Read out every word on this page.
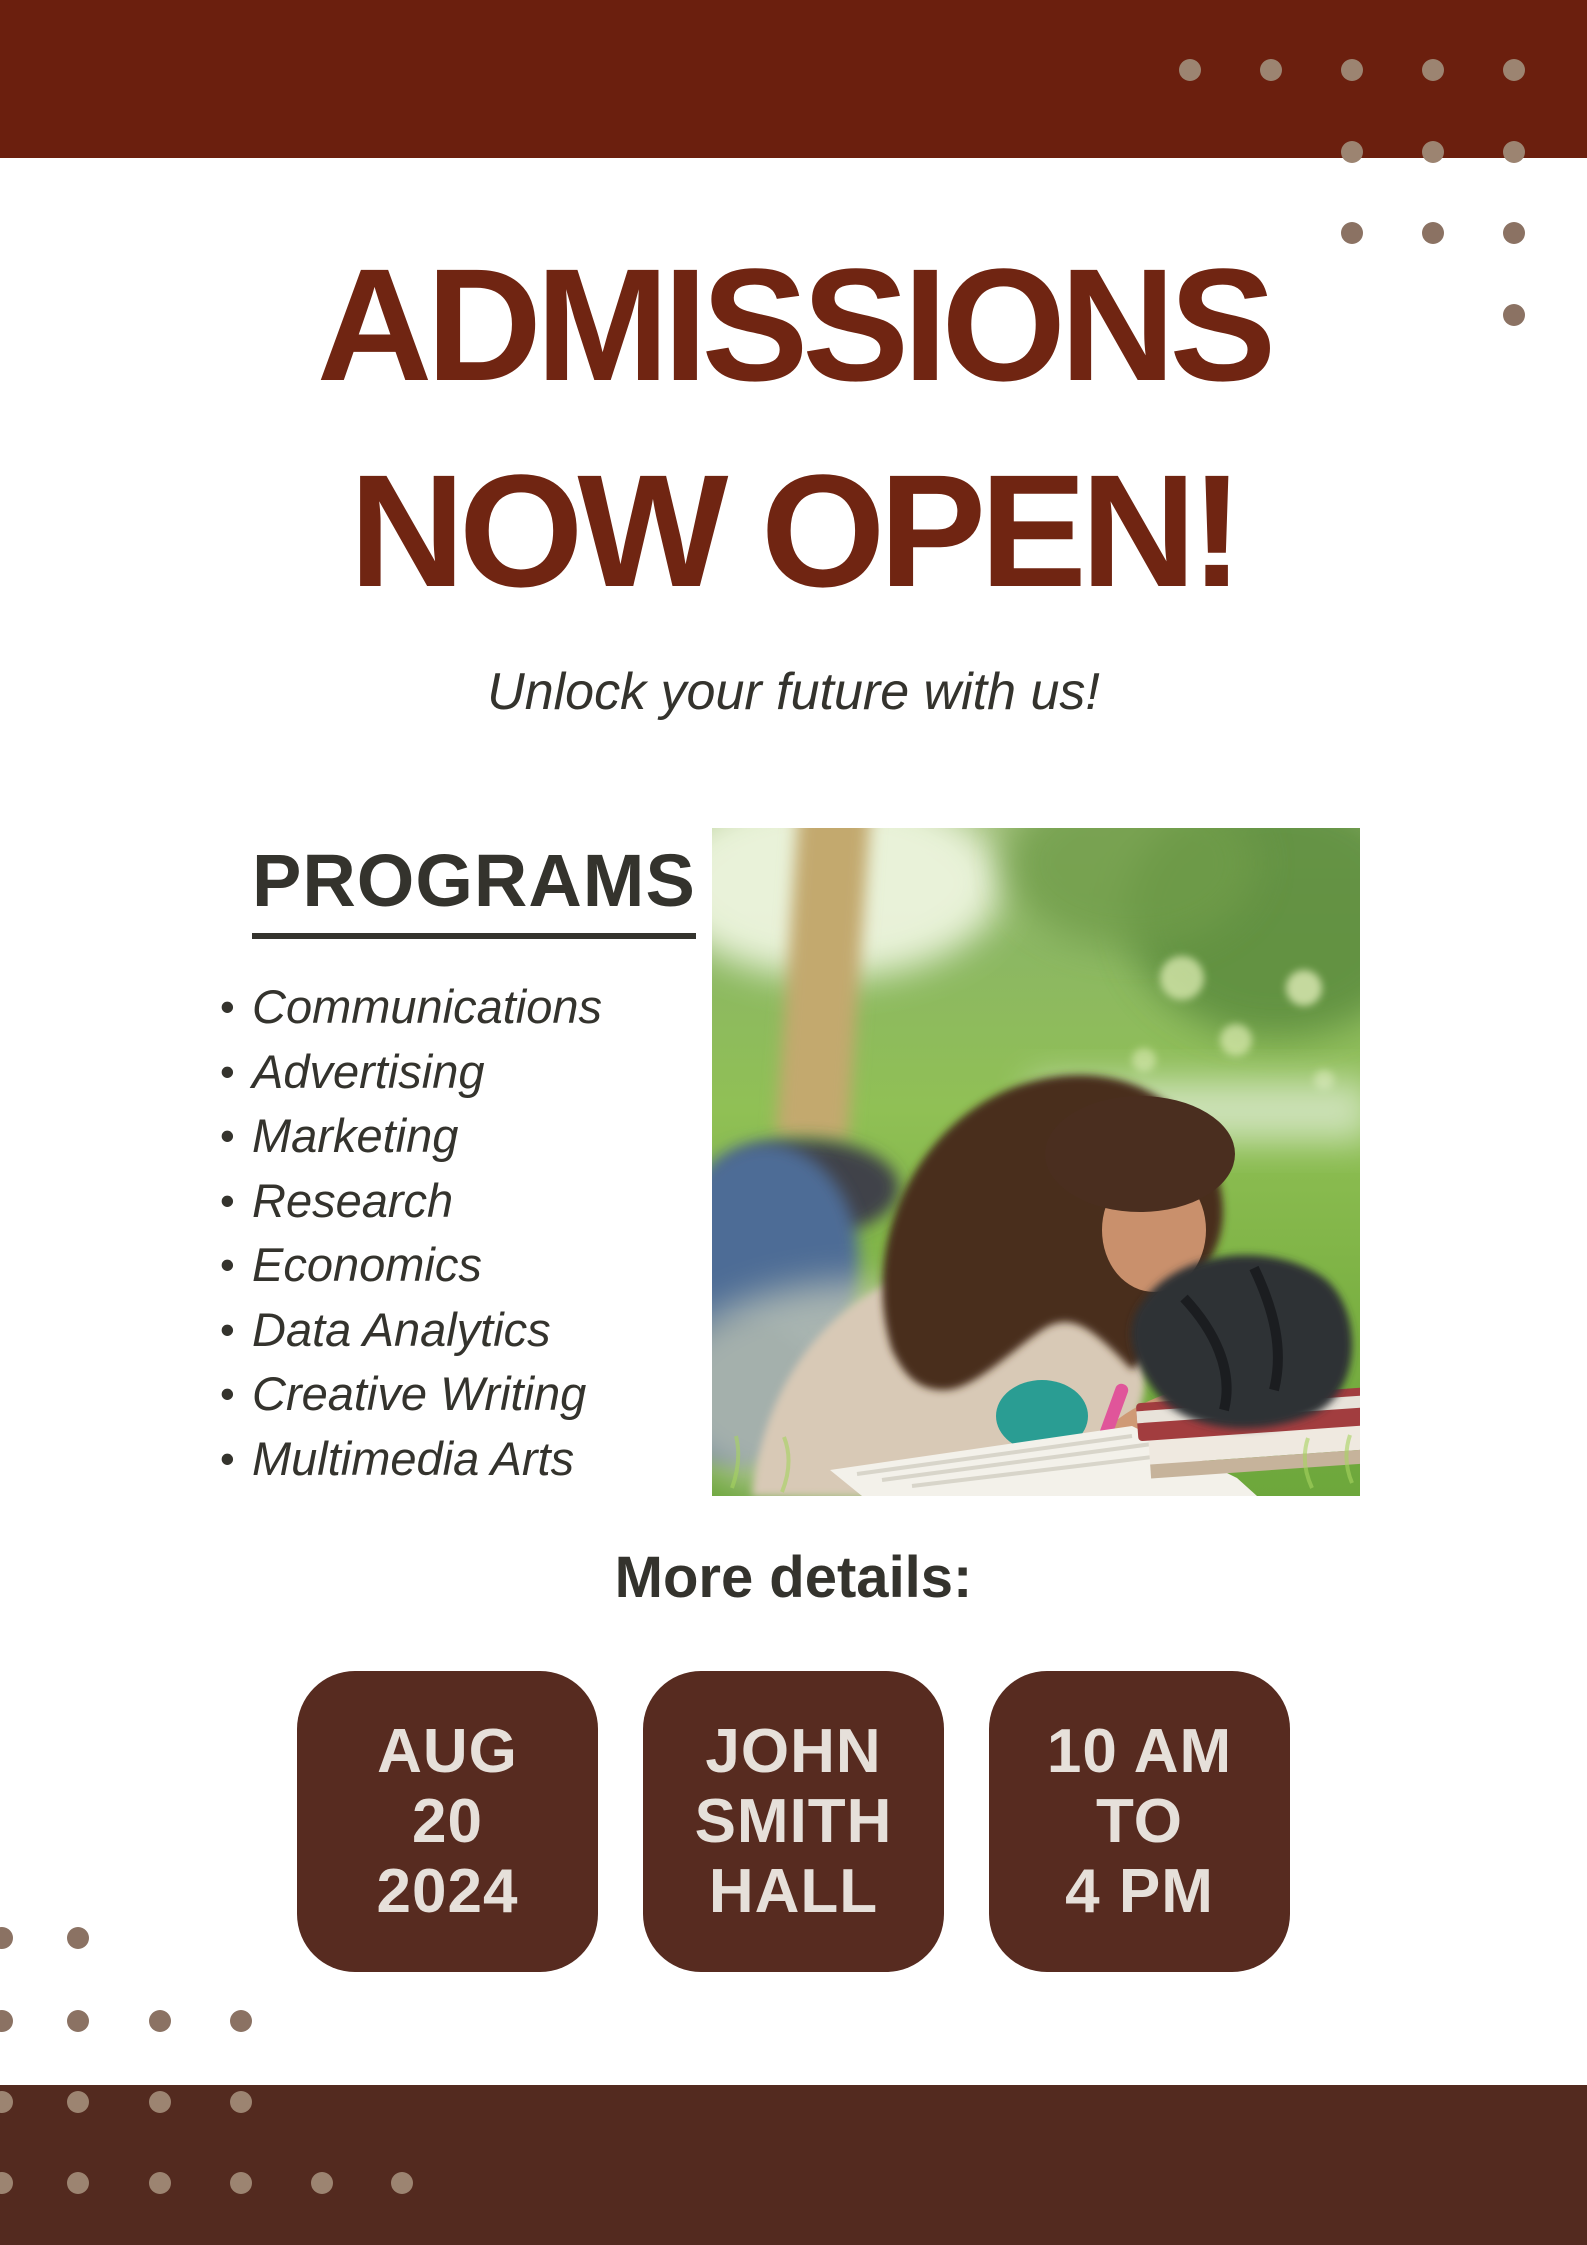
ADMISSIONS
NOW OPEN!

Unlock your future with us!

PROGRAMS
• Communications
• Advertising
• Marketing
• Research
• Economics
• Data Analytics
• Creative Writing
• Multimedia Arts

More details:

AUG
20
2024
JOHN
SMITH
HALL
10 AM
TO
4 PM
